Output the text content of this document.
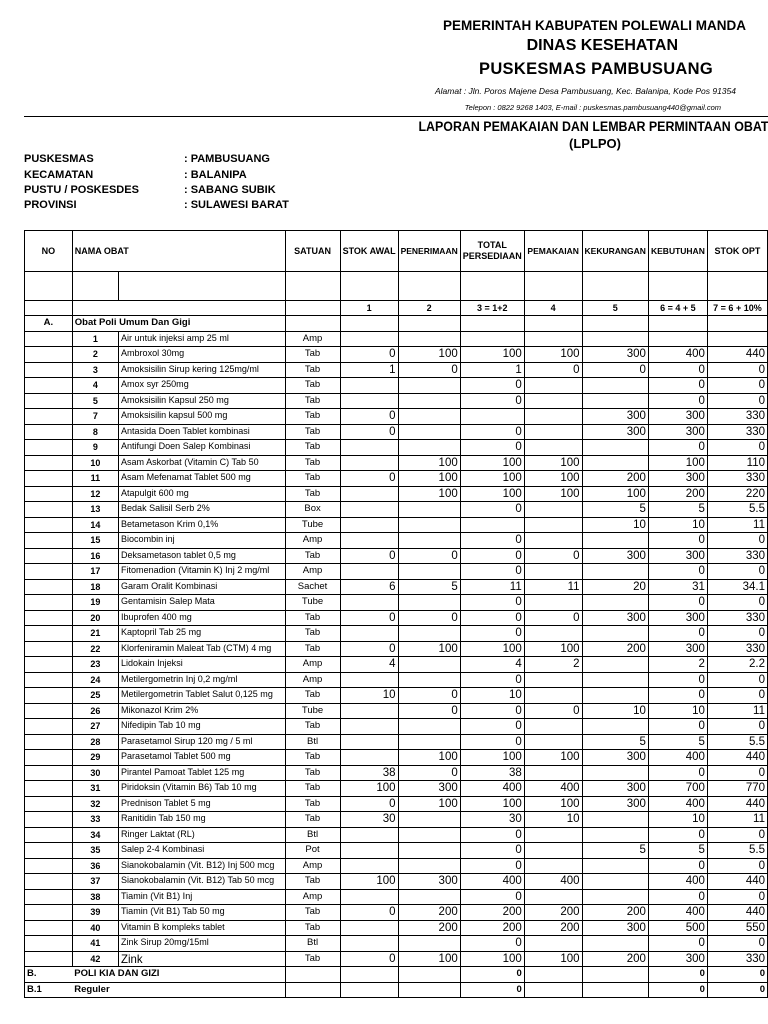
PEMERINTAH KABUPATEN POLEWALI MANDA
DINAS KESEHATAN
PUSKESMAS PAMBUSUANG
Alamat : Jln. Poros Majene Desa Pambusuang, Kec. Balanipa, Kode Pos 91354
Telepon : 0822 9268 1403, E-mail : puskesmas.pambusuang440@gmail.com
LAPORAN PEMAKAIAN DAN LEMBAR PERMINTAAN OBAT
(LPLPO)
PUSKESMAS	: PAMBUSUANG
KECAMATAN	: BALANIPA
PUSTU / POSKESDES	: SABANG SUBIK
PROVINSI	: SULAWESI BARAT
NO	NAMA OBAT		SATUAN	STOK AWAL	PENERIMAAN	TOTAL PERSEDIAAN	PEMAKAIAN	KEKURANGAN	KEBUTUHAN	STOK OPT

				1	2	3 = 1+2	4	5	6 = 4 + 5	7 = 6 + 10%
A.	Obat Poli Umum Dan Gigi									
	1	Air untuk injeksi amp 25 ml	Amp							
	2	Ambroxol 30mg	Tab	0	100	100	100	300	400	440
	3	Amoksisilin Sirup kering 125mg/ml	Tab	1	0	1	0	0	0	0
	4	Amox syr 250mg	Tab			0			0	0
	5	Amoksisilin Kapsul 250 mg	Tab			0			0	0
	7	Amoksisilin kapsul 500 mg	Tab	0				300	300	330
	8	Antasida Doen Tablet kombinasi	Tab	0		0		300	300	330
	9	Antifungi Doen Salep Kombinasi	Tab			0			0	0
	10	Asam Askorbat (Vitamin C) Tab 50	Tab		100	100	100		100	110
	11	Asam Mefenamat Tablet 500 mg	Tab	0	100	100	100	200	300	330
	12	Atapulgit 600 mg	Tab		100	100	100	100	200	220
	13	Bedak Salisil Serb 2%	Box			0		5	5	5.5
	14	Betametason Krim 0,1%	Tube					10	10	11
	15	Biocombin inj	Amp			0			0	0
	16	Deksametason tablet 0,5 mg	Tab	0	0	0	0	300	300	330
	17	Fitomenadion (Vitamin K) Inj 2 mg/ml	Amp			0			0	0
	18	Garam Oralit Kombinasi	Sachet	6	5	11	11	20	31	34.1
	19	Gentamisin Salep Mata	Tube			0			0	0
	20	Ibuprofen 400 mg	Tab	0	0	0	0	300	300	330
	21	Kaptopril Tab 25 mg	Tab			0			0	0
	22	Klorfeniramin Maleat Tab (CTM) 4 mg	Tab	0	100	100	100	200	300	330
	23	Lidokain Injeksi	Amp	4		4	2		2	2.2
	24	Metilergometrin Inj 0,2 mg/ml	Amp			0			0	0
	25	Metilergometrin Tablet Salut 0,125 mg	Tab	10	0	10			0	0
	26	Mikonazol Krim 2%	Tube		0	0	0	10	10	11
	27	Nifedipin Tab 10 mg	Tab			0			0	0
	28	Parasetamol Sirup 120 mg / 5 ml	Btl			0		5	5	5.5
	29	Parasetamol Tablet 500 mg	Tab		100	100	100	300	400	440
	30	Pirantel Pamoat Tablet 125 mg	Tab	38	0	38			0	0
	31	Piridoksin (Vitamin B6) Tab 10 mg	Tab	100	300	400	400	300	700	770
	32	Prednison Tablet 5 mg	Tab	0	100	100	100	300	400	440
	33	Ranitidin Tab 150 mg	Tab	30		30	10		10	11
	34	Ringer Laktat (RL)	Btl			0			0	0
	35	Salep 2-4 Kombinasi	Pot			0		5	5	5.5
	36	Sianokobalamin (Vit. B12) Inj 500 mcg	Amp			0			0	0
	37	Sianokobalamin (Vit. B12) Tab 50 mcg	Tab	100	300	400	400		400	440
	38	Tiamin (Vit B1) Inj	Amp			0			0	0
	39	Tiamin (Vit B1) Tab 50 mg	Tab	0	200	200	200	200	400	440
	40	Vitamin B kompleks tablet	Tab		200	200	200	300	500	550
	41	Zink Sirup 20mg/15ml	Btl			0			0	0
	42	Zink	Tab	0	100	100	100	200	300	330
B.	POLI KIA DAN GIZI					0			0	0
B.1	Reguler					0			0	0
